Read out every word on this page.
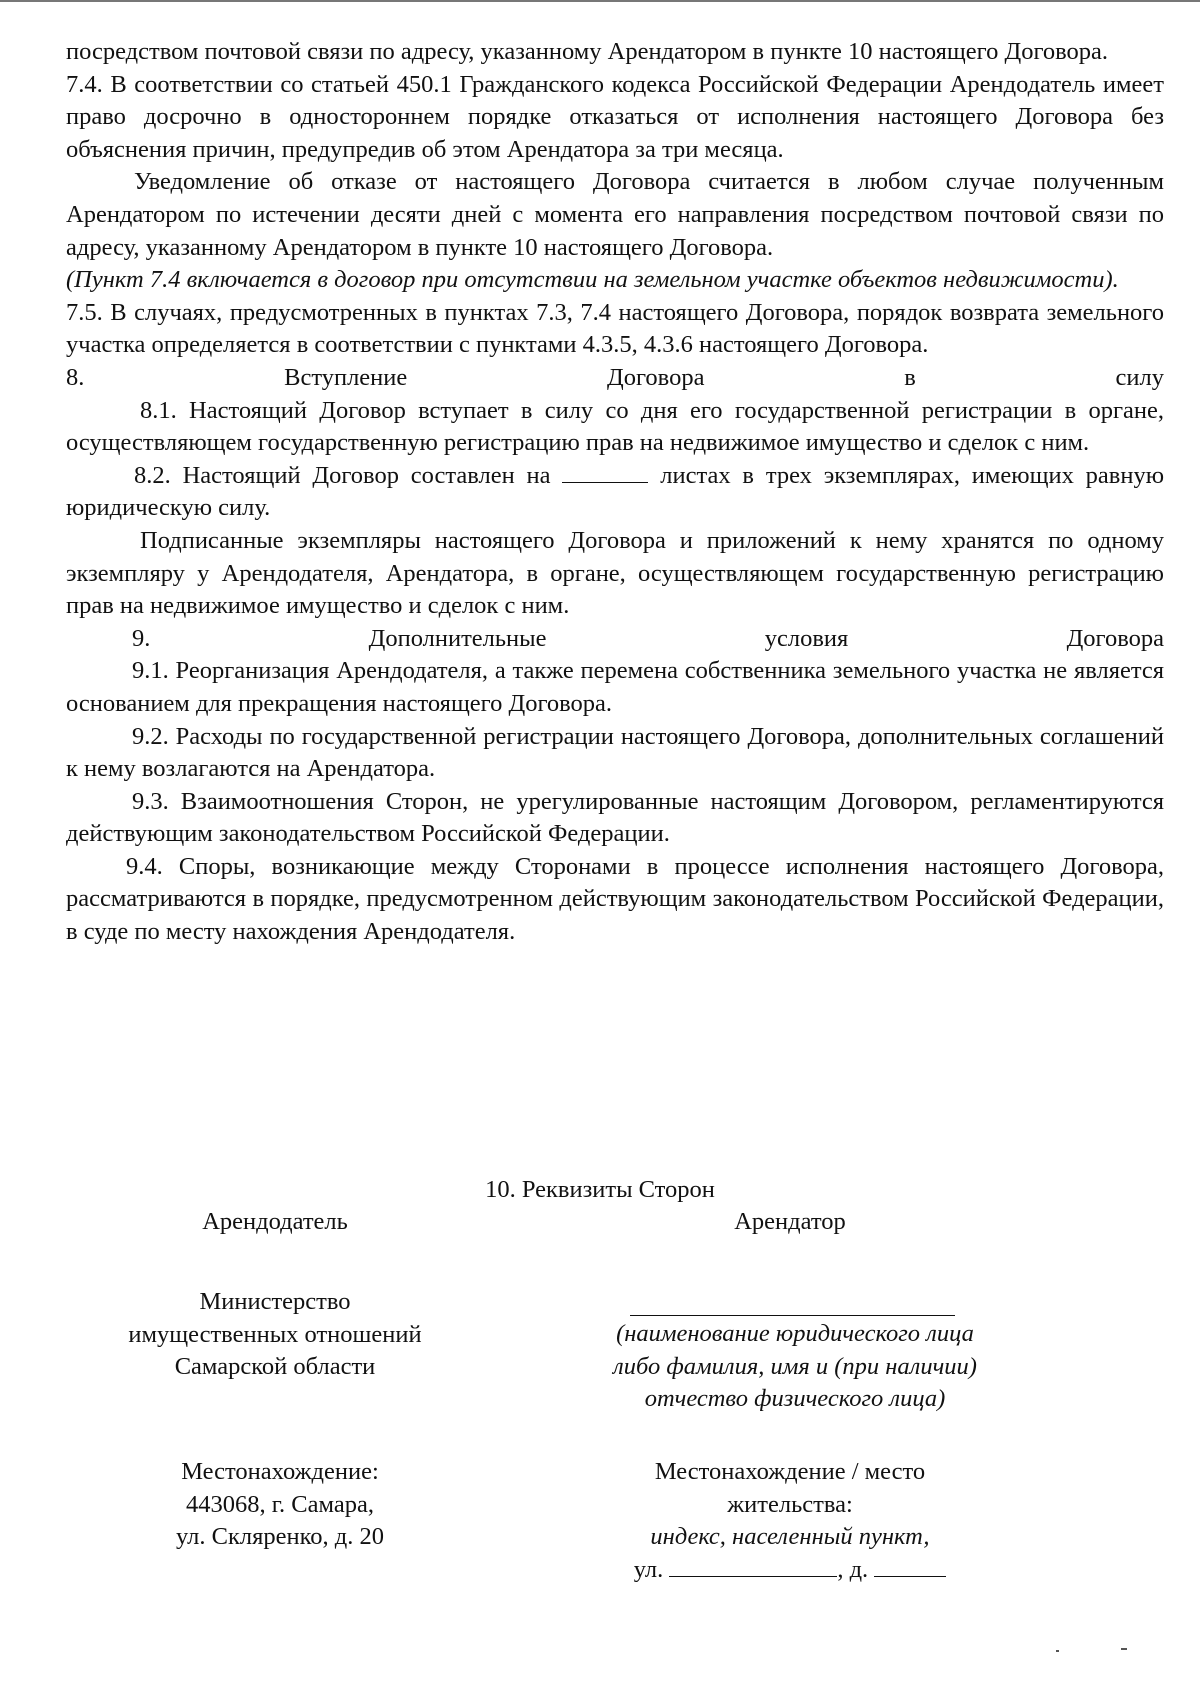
посредством почтовой связи по адресу, указанному Арендатором в пункте 10 настоящего Договора.

7.4. В соответствии со статьей 450.1 Гражданского кодекса Российской Федерации Арендодатель имеет право досрочно в одностороннем порядке отказаться от исполнения настоящего Договора без объяснения причин, предупредив об этом Арендатора за три месяца.

Уведомление об отказе от настоящего Договора считается в любом случае полученным Арендатором по истечении десяти дней с момента его направления посредством почтовой связи по адресу, указанному Арендатором в пункте 10 настоящего Договора.

(Пункт 7.4 включается в договор при отсутствии на земельном участке объектов недвижимости).

7.5. В случаях, предусмотренных в пунктах 7.3, 7.4 настоящего Договора, порядок возврата земельного участка определяется в соответствии с пунктами 4.3.5, 4.3.6 настоящего Договора.

8. Вступление Договора в силу

8.1. Настоящий Договор вступает в силу со дня его государственной регистрации в органе, осуществляющем государственную регистрацию прав на недвижимое имущество и сделок с ним.

8.2. Настоящий Договор составлен на	листах в трех экземплярах, имеющих равную юридическую силу.

Подписанные экземпляры настоящего Договора и приложений к нему хранятся по одному экземпляру у Арендодателя, Арендатора, в органе, осуществляющем государственную регистрацию прав на недвижимое имущество и сделок с ним.

9. Дополнительные условия Договора

9.1. Реорганизация Арендодателя, а также перемена собственника земельного участка не является основанием для прекращения настоящего Договора.

9.2. Расходы по государственной регистрации настоящего Договора, дополнительных соглашений к нему возлагаются на Арендатора.

9.3. Взаимоотношения Сторон, не урегулированные настоящим Договором, регламентируются действующим законодательством Российской Федерации.

9.4. Споры, возникающие между Сторонами в процессе исполнения настоящего Договора, рассматриваются в порядке, предусмотренном действующим законодательством Российской Федерации, в суде по месту нахождения Арендодателя.

10. Реквизиты Сторон
Арендодатель	Арендатор

Министерство

имущественных отношений

Самарской области

(наименование юридического лица

либо фамилия, имя и (при наличии)

отчество физического лица)

Местонахождение:

443068, г. Самара,

ул. Скляренко, д. 20

Местонахождение / место

жительства:

индекс, населенный пункт,

ул.	, д.
